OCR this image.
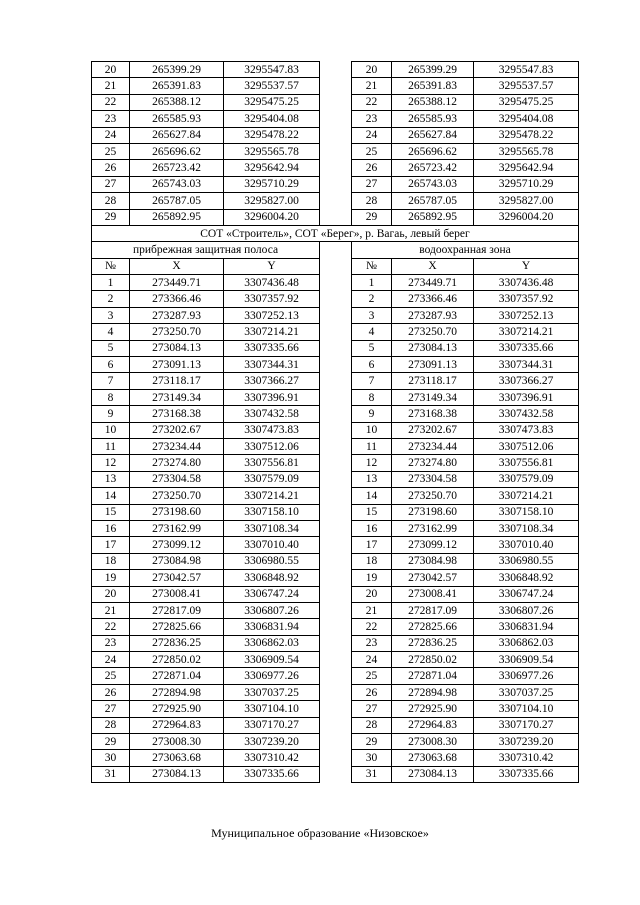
20	265399.29	3295547.83		20	265399.29	3295547.83
21	265391.83	3295537.57		21	265391.83	3295537.57
22	265388.12	3295475.25		22	265388.12	3295475.25
23	265585.93	3295404.08		23	265585.93	3295404.08
24	265627.84	3295478.22		24	265627.84	3295478.22
25	265696.62	3295565.78		25	265696.62	3295565.78
26	265723.42	3295642.94		26	265723.42	3295642.94
27	265743.03	3295710.29		27	265743.03	3295710.29
28	265787.05	3295827.00		28	265787.05	3295827.00
29	265892.95	3296004.20		29	265892.95	3296004.20
СОТ «Строитель», СОТ «Берег», р. Вагаь, левый берег						
прибрежная защитная полоса				водоохранная зона		
№	X	Y		№	X	Y
1	273449.71	3307436.48		1	273449.71	3307436.48
2	273366.46	3307357.92		2	273366.46	3307357.92
3	273287.93	3307252.13		3	273287.93	3307252.13
4	273250.70	3307214.21		4	273250.70	3307214.21
5	273084.13	3307335.66		5	273084.13	3307335.66
6	273091.13	3307344.31		6	273091.13	3307344.31
7	273118.17	3307366.27		7	273118.17	3307366.27
8	273149.34	3307396.91		8	273149.34	3307396.91
9	273168.38	3307432.58		9	273168.38	3307432.58
10	273202.67	3307473.83		10	273202.67	3307473.83
11	273234.44	3307512.06		11	273234.44	3307512.06
12	273274.80	3307556.81		12	273274.80	3307556.81
13	273304.58	3307579.09		13	273304.58	3307579.09
14	273250.70	3307214.21		14	273250.70	3307214.21
15	273198.60	3307158.10		15	273198.60	3307158.10
16	273162.99	3307108.34		16	273162.99	3307108.34
17	273099.12	3307010.40		17	273099.12	3307010.40
18	273084.98	3306980.55		18	273084.98	3306980.55
19	273042.57	3306848.92		19	273042.57	3306848.92
20	273008.41	3306747.24		20	273008.41	3306747.24
21	272817.09	3306807.26		21	272817.09	3306807.26
22	272825.66	3306831.94		22	272825.66	3306831.94
23	272836.25	3306862.03		23	272836.25	3306862.03
24	272850.02	3306909.54		24	272850.02	3306909.54
25	272871.04	3306977.26		25	272871.04	3306977.26
26	272894.98	3307037.25		26	272894.98	3307037.25
27	272925.90	3307104.10		27	272925.90	3307104.10
28	272964.83	3307170.27		28	272964.83	3307170.27
29	273008.30	3307239.20		29	273008.30	3307239.20
30	273063.68	3307310.42		30	273063.68	3307310.42
31	273084.13	3307335.66		31	273084.13	3307335.66
Муниципальное образование «Низовское»
